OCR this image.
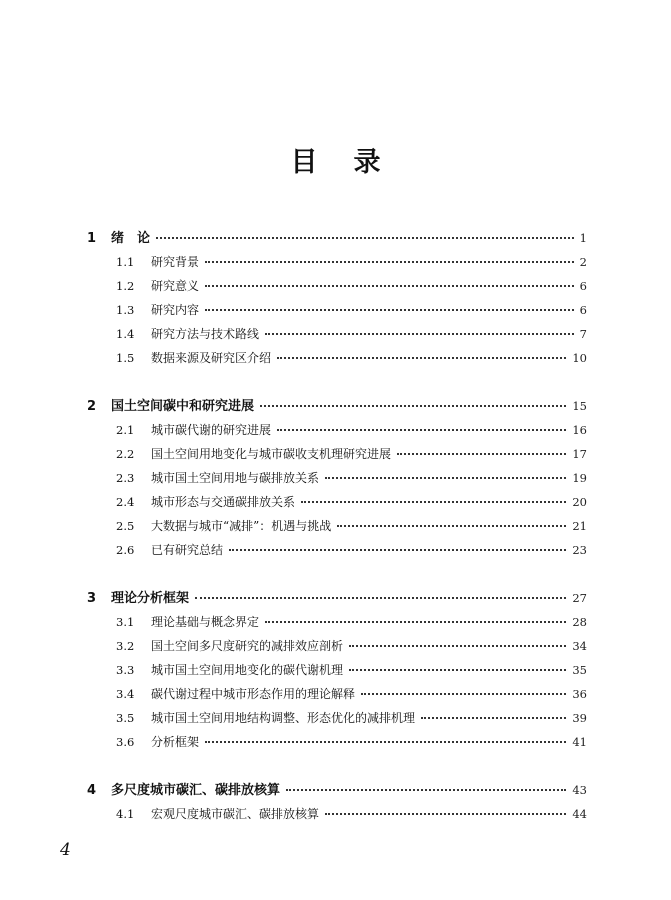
目 录
1	绪　论	1
1.1	研究背景	2
1.2	研究意义	6
1.3	研究内容	6
1.4	研究方法与技术路线	7
1.5	数据来源及研究区介绍	10
2	国土空间碳中和研究进展	15
2.1	城市碳代谢的研究进展	16
2.2	国土空间用地变化与城市碳收支机理研究进展	17
2.3	城市国土空间用地与碳排放关系	19
2.4	城市形态与交通碳排放关系	20
2.5	大数据与城市“减排”：机遇与挑战	21
2.6	已有研究总结	23
3	理论分析框架	27
3.1	理论基础与概念界定	28
3.2	国土空间多尺度研究的减排效应剖析	34
3.3	城市国土空间用地变化的碳代谢机理	35
3.4	碳代谢过程中城市形态作用的理论解释	36
3.5	城市国土空间用地结构调整、形态优化的减排机理	39
3.6	分析框架	41
4	多尺度城市碳汇、碳排放核算	43
4.1	宏观尺度城市碳汇、碳排放核算	44
4
